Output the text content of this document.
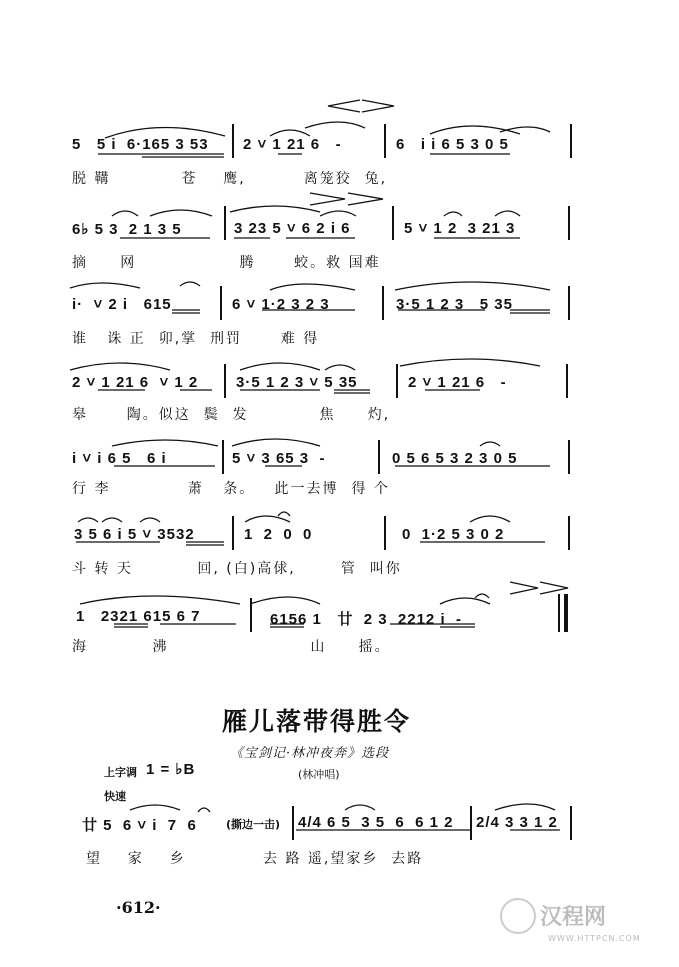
5   5 i  6·165 3 53 2 ˅ 1 21 6   -	6   i i 6 5 3 0 5
脱 鞲           苍    鹰,         离笼狡  兔,
6♭ 5 3  2 1 3 5	3 23 5 ˅ 6 2 i 6	5 ˅ 1 2  3 21 3
摘     网                腾      蛟。救 国难
i·  ˅ 2 i   615	6 ˅ 1·2 3 2 3	3·5 1 2 3   5 35
谁   诛 正  卯,掌  刑罚      难 得
2 ˅ 1 21 6  ˅ 1 2	3·5 1 2 3 ˅ 5 35	2 ˅ 1 21 6   -
皋      陶。似这  鬓  发           焦     灼,
i ˅ i 6 5   6 i	5 ˅ 3 65 3  -	0 5 6 5 3 2 3 0 5
行 李            萧   条。   此一去博  得 个
3 5 6 i 5 ˅ 3532	1  2  0  0	0  1·2 5 3 0 2
斗 转 天          回, (白)高俅,       管  叫你
1   2321 615 6 7	6156 1   廿  2 3  2212 i  -
海          沸                      山     摇。
雁儿落带得胜令
《宝剑记·林冲夜奔》选段
上字调 1 = ♭B	(林冲唱)
快速
廿 5  6 ˅ i  7  6	(撕边一击) 4/4 6 5  3 5  6  6 1 2 2/4 3 3 1 2
望    家    乡            去 路 遥,望家乡  去路
·612·	汉程网
WWW.HTTPCN.COM
